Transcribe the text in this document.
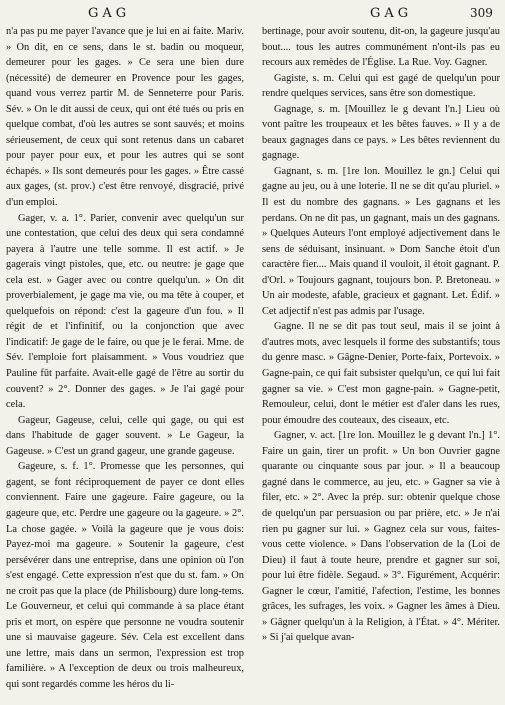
GAG	GAG	309

n'a pas pu me payer l'avance que je lui en ai faite. Mariv. » On dit, en ce sens, dans le st. badin ou moqueur, demeurer pour les gages. » Ce sera une bien dure (nécessité) de demeurer en Provence pour les gages, quand vous verrez partir M. de Senneterre pour Paris. Sév. » On le dit aussi de ceux, qui ont été tués ou pris en quelque combat, d'où les autres se sont sauvés; et moins sérieusement, de ceux qui sont retenus dans un cabaret pour payer pour eux, et pour les autres qui se sont échapés. » Ils sont demeurés pour les gages. » Être cassé aux gages, (st. prov.) c'est être renvoyé, disgracié, privé d'un emploi.

Gager, v. a. 1°. Parier, convenir avec quelqu'un sur une contestation, que celui des deux qui sera condamné payera à l'autre une telle somme. Il est actif. » Je gagerais vingt pistoles, que, etc. ou neutre: je gage que cela est. » Gager avec ou contre quelqu'un. » On dit proverbialement, je gage ma vie, ou ma tête à couper, et quelquefois on répond: c'est la gageure d'un fou. » Il régit de et l'infinitif, ou la conjonction que avec l'indicatif: Je gage de le faire, ou que je le ferai. Mme. de Sév. l'emploie fort plaisamment. » Vous voudriez que Pauline fût parfaite. Avait-elle gagé de l'être au sortir du couvent? » 2°. Donner des gages. » Je l'ai gagé pour cela.

Gageur, Gageuse, celui, celle qui gage, ou qui est dans l'habitude de gager souvent. » Le Gageur, la Gageuse. » C'est un grand gageur, une grande gageuse.

Gageure, s. f. 1°. Promesse que les personnes, qui gagent, se font réciproquement de payer ce dont elles conviennent. Faire une gageure. Faire gageure, ou la gageure que, etc. Perdre une gageure ou la gageure. » 2°. La chose gagée. » Voilà la gageure que je vous dois: Payez-moi ma gageure. » Soutenir la gageure, c'est persévérer dans une entreprise, dans une opinion où l'on s'est engagé. Cette expression n'est que du st. fam. » On ne croit pas que la place (de Philisbourg) dure long-tems. Le Gouverneur, et celui qui commande à sa place étant pris et mort, on espère que personne ne voudra soutenir une si mauvaise gageure. Sév. Cela est excellent dans une lettre, mais dans un sermon, l'expression est trop familière. » A l'exception de deux ou trois malheureux, qui sont regardés comme les héros du li-

bertinage, pour avoir soutenu, dit-on, la gageure jusqu'au bout.... tous les autres communément n'ont-ils pas eu recours aux remèdes de l'Église. La Rue. Voy. Gagner.

Gagiste, s. m. Celui qui est gagé de quelqu'un pour rendre quelques services, sans être son domestique.

Gagnage, s. m. [Mouillez le g devant l'n.] Lieu où vont paître les troupeaux et les bêtes fauves. » Il y a de beaux gagnages dans ce pays. » Les bêtes reviennent du gagnage.

Gagnant, s. m. [1re lon. Mouillez le gn.] Celui qui gagne au jeu, ou à une loterie. Il ne se dit qu'au pluriel. » Il est du nombre des gagnans. » Les gagnans et les perdans. On ne dit pas, un gagnant, mais un des gagnans. » Quelques Auteurs l'ont employé adjectivement dans le sens de séduisant, insinuant. » Dom Sanche étoit d'un caractère fier.... Mais quand il vouloit, il étoit gagnant. P. d'Orl. » Toujours gagnant, toujours bon. P. Bretoneau. » Un air modeste, afable, gracieux et gagnant. Let. Édif. » Cet adjectif n'est pas admis par l'usage.

Gagne. Il ne se dit pas tout seul, mais il se joint à d'autres mots, avec lesquels il forme des substantifs; tous du genre masc. » Gâgne-Denier, Porte-faix, Portevoix. » Gagne-pain, ce qui fait subsister quelqu'un, ce qui lui fait gagner sa vie. » C'est mon gagne-pain. » Gagne-petit, Remouleur, celui, dont le métier est d'aler dans les rues, pour émoudre des couteaux, des ciseaux, etc.

Gagner, v. act. [1re lon. Mouillez le g devant l'n.] 1°. Faire un gain, tirer un profit. » Un bon Ouvrier gagne quarante ou cinquante sous par jour. » Il a beaucoup gagné dans le commerce, au jeu, etc. » Gagner sa vie à filer, etc. » 2°. Avec la prép. sur: obtenir quelque chose de quelqu'un par persuasion ou par prière, etc. » Je n'ai rien pu gagner sur lui. » Gagnez cela sur vous, faites-vous cette violence. » Dans l'observation de la (Loi de Dieu) il faut à toute heure, prendre et gagner sur soi, pour lui être fidèle. Segaud. » 3°. Figurément, Acquérir: Gagner le cœur, l'amitié, l'afection, l'estime, les bonnes grâces, les sufrages, les voix. » Gagner les âmes à Dieu. » Gâgner quelqu'un à la Religion, à l'État. » 4°. Mériter. » Si j'ai quelque avan-
